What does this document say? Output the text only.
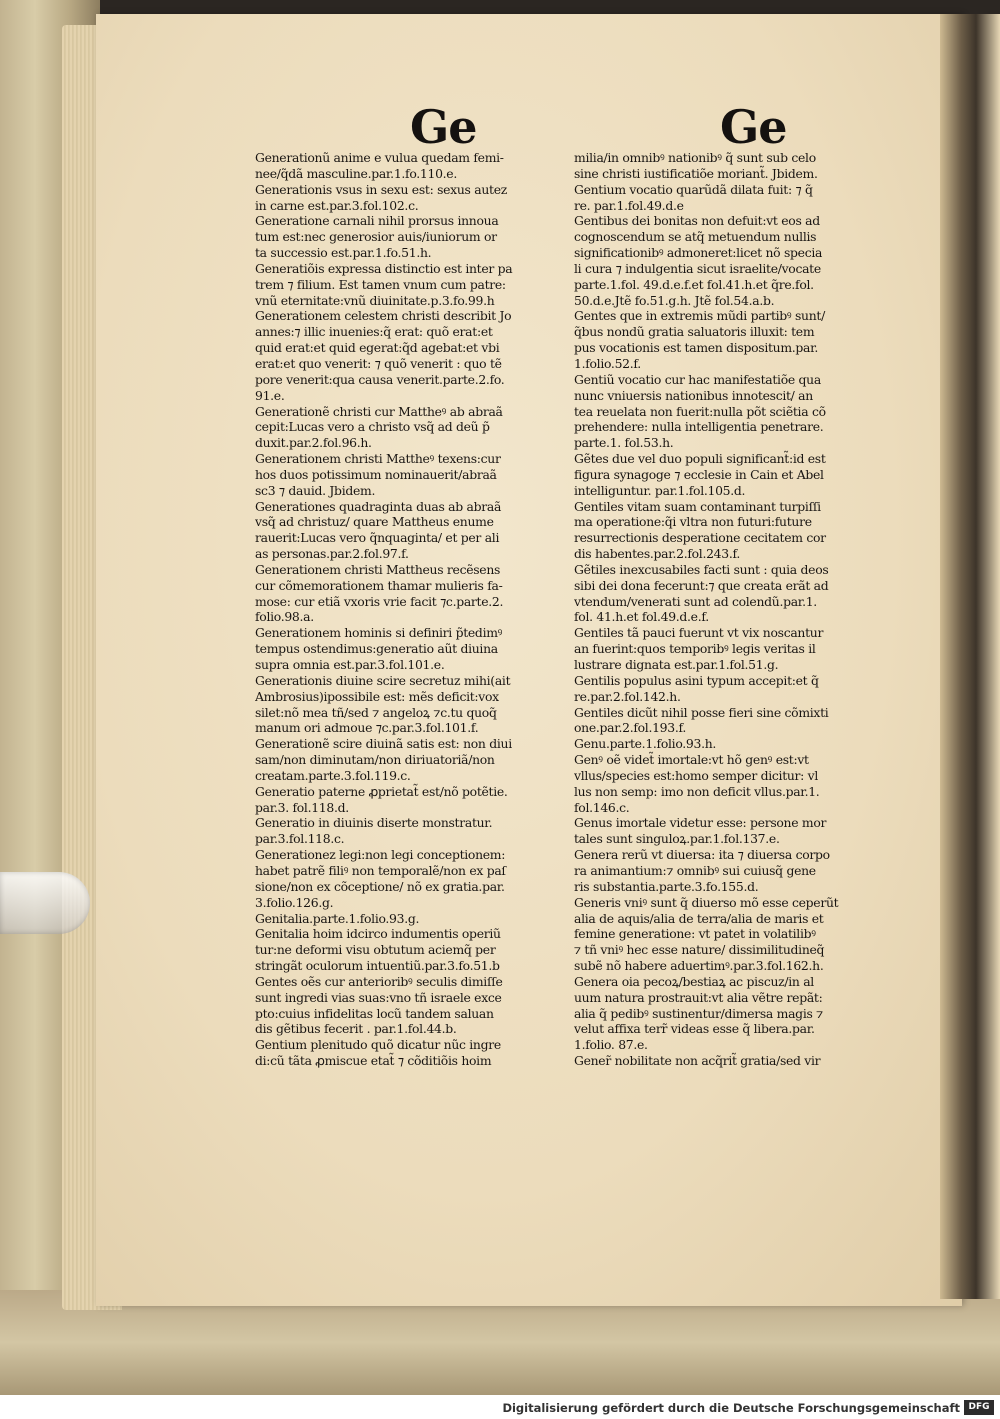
Ge	Ge
Generationũ anime e vulua quedam femi-
nee/q̃dã masculine.par.1.fo.110.e.
Generationis vsus in sexu est: sexus autez
in carne est.par.3.fol.102.c.
Generatione carnali nihil prorsus innoua
tum est:nec generosior auis/iuniorum or
ta successio est.par.1.fo.51.h.
Generatiõis expressa distinctio est inter pa
trem ⁊ filium. Est tamen vnum cum patre:
vnũ eternitate:vnũ diuinitate.p.3.fo.99.h
Generationem celestem christi describit Jo
annes:⁊ illic inuenies:q̃ erat: quõ erat:et
quid erat:et quid egerat:q̃d agebat:et vbi
erat:et quo venerit: ⁊ quõ venerit : quo tẽ
pore venerit:qua causa venerit.parte.2.fo.
91.e.
Generationẽ christi cur Mattheꝰ ab abraã
cepit:Lucas vero a christo vsq̃ ad deũ p̃
duxit.par.2.fol.96.h.
Generationem christi Mattheꝰ texens:cur
hos duos potissimum nominauerit/abraã
sc3 ⁊ dauid. Jbidem.
Generationes quadraginta duas ab abraã
vsq̃ ad christuz/ quare Mattheus enume
rauerit:Lucas vero q̃nquaginta/ et per ali
as personas.par.2.fol.97.f.
Generationem christi Mattheus recẽsens
cur cõmemorationem thamar mulieris fa-
mose: cur etiã vxoris vrie facit ⁊c.parte.2.
folio.98.a.
Generationem hominis si definiri p̃tedimꝰ
tempus ostendimus:generatio aũt diuina
supra omnia est.par.3.fol.101.e.
Generationis diuine scire secretuz mihi(ait
Ambrosius)ipossibile est: mẽs deficit:vox
silet:nõ mea tñ/sed ⁊ angeloꝝ ⁊c.tu quoq̃
manum ori admoue ⁊c.par.3.fol.101.f.
Generationẽ scire diuinã satis est: non diui
sam/non diminutam/non diriuatoriã/non
creatam.parte.3.fol.119.c.
Generatio paterne ꝓprietat̃ est/nõ potẽtie.
par.3. fol.118.d.
Generatio in diuinis diserte monstratur.
par.3.fol.118.c.
Generationez legi:non legi conceptionem:
habet patrẽ filiꝰ non temporalẽ/non ex paſ
sione/non ex cõceptione/ nõ ex gratia.par.
3.folio.126.g.
Genitalia.parte.1.folio.93.g.
Genitalia hoim idcirco indumentis operiũ
tur:ne deformi visu obtutum aciemq̃ per
stringãt oculorum intuentiũ.par.3.fo.51.b
Gentes oẽs cur anterioribꝰ seculis dimiſſe
sunt ingredi vias suas:vno tñ israele exce
pto:cuius infidelitas locũ tandem saluan
dis gẽtibus fecerit . par.1.fol.44.b.
Gentium plenitudo quõ dicatur nũc ingre
di:cũ tãta ꝓmiscue etat̃ ⁊ cõditiõis hoim
milia/in omnibꝰ nationibꝰ q̃ sunt sub celo
sine christi iustificatiõe moriant̃. Jbidem.
Gentium vocatio quarũdã dilata fuit: ⁊ q̃
re. par.1.fol.49.d.e
Gentibus dei bonitas non defuit:vt eos ad
cognoscendum se atq̃ metuendum nullis
significationibꝰ admoneret:licet nõ specia
li cura ⁊ indulgentia sicut israelite/vocate
parte.1.fol. 49.d.e.f.et fol.41.h.et q̃re.fol.
50.d.e.Jtẽ fo.51.g.h. Jtẽ fol.54.a.b.
Gentes que in extremis mũdi partibꝰ sunt/
q̃bus nondũ gratia saluatoris illuxit: tem
pus vocationis est tamen dispositum.par.
1.folio.52.f.
Gentiũ vocatio cur hac manifestatiõe qua
nunc vniuersis nationibus innotescit/ an
tea reuelata non fuerit:nulla põt sciẽtia cõ
prehendere: nulla intelligentia penetrare.
parte.1. fol.53.h.
Gẽtes due vel duo populi significant̃:id est
figura synagoge ⁊ ecclesie in Cain et Abel
intelliguntur. par.1.fol.105.d.
Gentiles vitam suam contaminant turpiſſi
ma operatione:q̃i vltra non futuri:future
resurrectionis desperatione cecitatem cor
dis habentes.par.2.fol.243.f.
Gẽtiles inexcusabiles facti sunt : quia deos
sibi dei dona fecerunt:⁊ que creata erãt ad
vtendum/venerati sunt ad colendũ.par.1.
fol. 41.h.et fol.49.d.e.f.
Gentiles tã pauci fuerunt vt vix noscantur
an fuerint:quos temporibꝰ legis veritas il
lustrare dignata est.par.1.fol.51.g.
Gentilis populus asini typum accepit:et q̃
re.par.2.fol.142.h.
Gentiles dicũt nihil posse fieri sine cõmixti
one.par.2.fol.193.f.
Genu.parte.1.folio.93.h.
Genꝰ oẽ videt̃ imortale:vt hõ genꝰ est:vt
vllus/species est:homo semper dicitur: vl
lus non semp: imo non deficit vllus.par.1.
fol.146.c.
Genus imortale videtur esse: persone mor
tales sunt singuloꝝ.par.1.fol.137.e.
Genera rerũ vt diuersa: ita ⁊ diuersa corpo
ra animantium:⁊ omnibꝰ sui cuiusq̃ gene
ris substantia.parte.3.fo.155.d.
Generis vniꝰ sunt q̃ diuerso mõ esse ceperũt
alia de aquis/alia de terra/alia de maris et
femine generatione: vt patet in volatilibꝰ
⁊ tñ vniꝰ hec esse nature/ dissimilitudineq̃
subẽ nõ habere aduertimꝰ.par.3.fol.162.h.
Genera oia pecoꝝ/bestiaꝝ ac piscuz/in al
uum natura prostrauit:vt alia vẽtre repãt:
alia q̃ pedibꝰ sustinentur/dimersa magis ⁊
velut affixa terr̃ videas esse q̃ libera.par.
1.folio. 87.e.
Gener̃ nobilitate non acq̃rit̃ gratia/sed vir
Digitalisierung gefördert durch die Deutsche Forschungsgemeinschaft DFG
